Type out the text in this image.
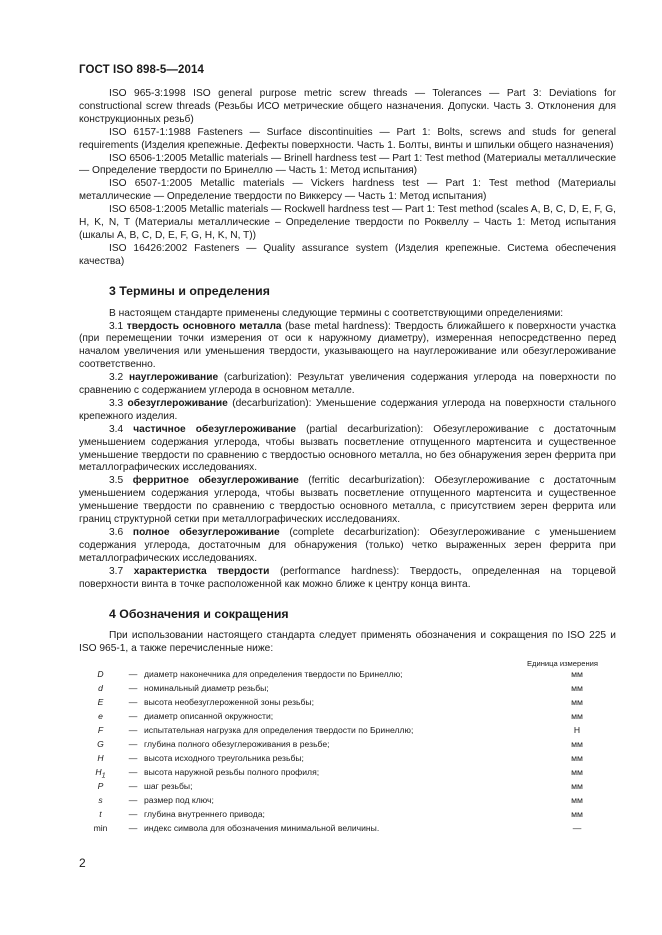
ГОСТ ISO 898-5—2014

ISO 965-3:1998 ISO general purpose metric screw threads — Tolerances — Part 3: Deviations for constructional screw threads (Резьбы ИСО метрические общего назначения. Допуски. Часть 3. Отклонения для конструкционных резьб)

ISO 6157-1:1988 Fasteners — Surface discontinuities — Part 1: Bolts, screws and studs for general requirements (Изделия крепежные. Дефекты поверхности. Часть 1. Болты, винты и шпильки общего назначения)

ISO 6506-1:2005 Metallic materials — Brinell hardness test — Part 1: Test method (Материалы металлические — Определение твердости по Бринеллю — Часть 1: Метод испытания)

ISO 6507-1:2005 Metallic materials — Vickers hardness test — Part 1: Test method (Материалы металлические — Определение твердости по Виккерсу — Часть 1: Метод испытания)

ISO 6508-1:2005 Metallic materials — Rockwell hardness test — Part 1: Test method (scales A, B, C, D, E, F, G, H, K, N, T (Материалы металлические – Определение твердости по Роквеллу – Часть 1: Метод испытания (шкалы A, B, C, D, E, F, G, H, K, N, T))

ISO 16426:2002 Fasteners — Quality assurance system (Изделия крепежные. Система обеспечения качества)

3 Термины и определения

В настоящем стандарте применены следующие термины с соответствующими определениями:

3.1 твердость основного металла (base metal hardness): Твердость ближайшего к поверхности участка (при перемещении точки измерения от оси к наружному диаметру), измеренная непосредственно перед началом увеличения или уменьшения твердости, указывающего на науглероживание или обезуглероживание соответственно.

3.2 науглероживание (carburization): Результат увеличения содержания углерода на поверхности по сравнению с содержанием углерода в основном металле.

3.3 обезуглероживание (decarburization): Уменьшение содержания углерода на поверхности стального крепежного изделия.

3.4 частичное обезуглероживание (partial decarburization): Обезуглероживание с достаточным уменьшением содержания углерода, чтобы вызвать посветление отпущенного мартенсита и существенное уменьшение твердости по сравнению с твердостью основного металла, но без обнаружения зерен феррита при металлографических исследованиях.

3.5 ферритное обезуглероживание (ferritic decarburization): Обезуглероживание с достаточным уменьшением содержания углерода, чтобы вызвать посветление отпущенного мартенсита и существенное уменьшение твердости по сравнению с твердостью основного металла, с присутствием зерен феррита или границ структурной сетки при металлографических исследованиях.

3.6 полное обезуглероживание (complete decarburization): Обезуглероживание с уменьшением содержания углерода, достаточным для обнаружения (только) четко выраженных зерен феррита при металлографических исследованиях.

3.7 характеристка твердости (performance hardness): Твердость, определенная на торцевой поверхности винта в точке расположенной как можно ближе к центру конца винта.

4 Обозначения и сокращения

При использовании настоящего стандарта следует применять обозначения и сокращения по ISO 225 и ISO 965-1, а также перечисленные ниже:

Единица измерения
D	—	диаметр наконечника для определения твердости по Бринеллю;	мм
d	—	номинальный диаметр резьбы;	мм
E	—	высота необезуглероженной зоны резьбы;	мм
e	—	диаметр описанной окружности;	мм
F	—	испытательная нагрузка для определения твердости по Бринеллю;	Н
G	—	глубина полного обезуглероживания в резьбе;	мм
H	—	высота исходного треугольника резьбы;	мм
$H_1$	—	высота наружной резьбы полного профиля;	мм
P	—	шаг резьбы;	мм
s	—	размер под ключ;	мм
t	—	глубина внутреннего привода;	мм
min	—	индекс символа для обозначения минимальной величины.	—
2
